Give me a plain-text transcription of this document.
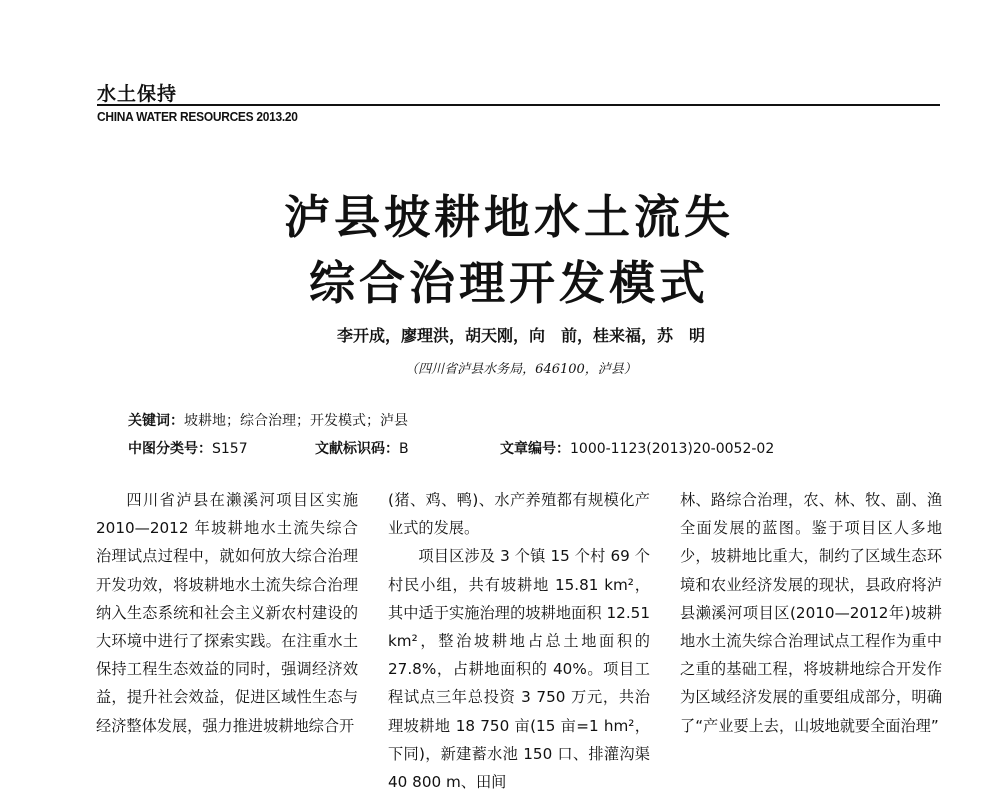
水土保持
CHINA WATER RESOURCES 2013.20
泸县坡耕地水土流失
综合治理开发模式
李开成，廖理洪，胡天刚，向　前，桂来福，苏　明
（四川省泸县水务局，646100，泸县）
关键词：坡耕地；综合治理；开发模式；泸县
中图分类号：S157	文献标识码：B	文章编号：1000-1123(2013)20-0052-02

四川省泸县在濑溪河项目区实施 2010—2012 年坡耕地水土流失综合治理试点过程中，就如何放大综合治理开发功效，将坡耕地水土流失综合治理纳入生态系统和社会主义新农村建设的大环境中进行了探索实践。在注重水土保持工程生态效益的同时，强调经济效益，提升社会效益，促进区域性生态与经济整体发展，强力推进坡耕地综合开

(猪、鸡、鸭)、水产养殖都有规模化产业式的发展。

项目区涉及 3 个镇 15 个村 69 个村民小组，共有坡耕地 15.81 km²，其中适于实施治理的坡耕地面积 12.51 km²，整治坡耕地占总土地面积的 27.8%，占耕地面积的 40%。项目工程试点三年总投资 3 750 万元，共治理坡耕地 18 750 亩(15 亩=1 hm²，下同)，新建蓄水池 150 口、排灌沟渠 40 800 m、田间

林、路综合治理，农、林、牧、副、渔全面发展的蓝图。鉴于项目区人多地少，坡耕地比重大，制约了区域生态环境和农业经济发展的现状，县政府将泸县濑溪河项目区(2010—2012年)坡耕地水土流失综合治理试点工程作为重中之重的基础工程，将坡耕地综合开发作为区域经济发展的重要组成部分，明确了“产业要上去，山坡地就要全面治理”
